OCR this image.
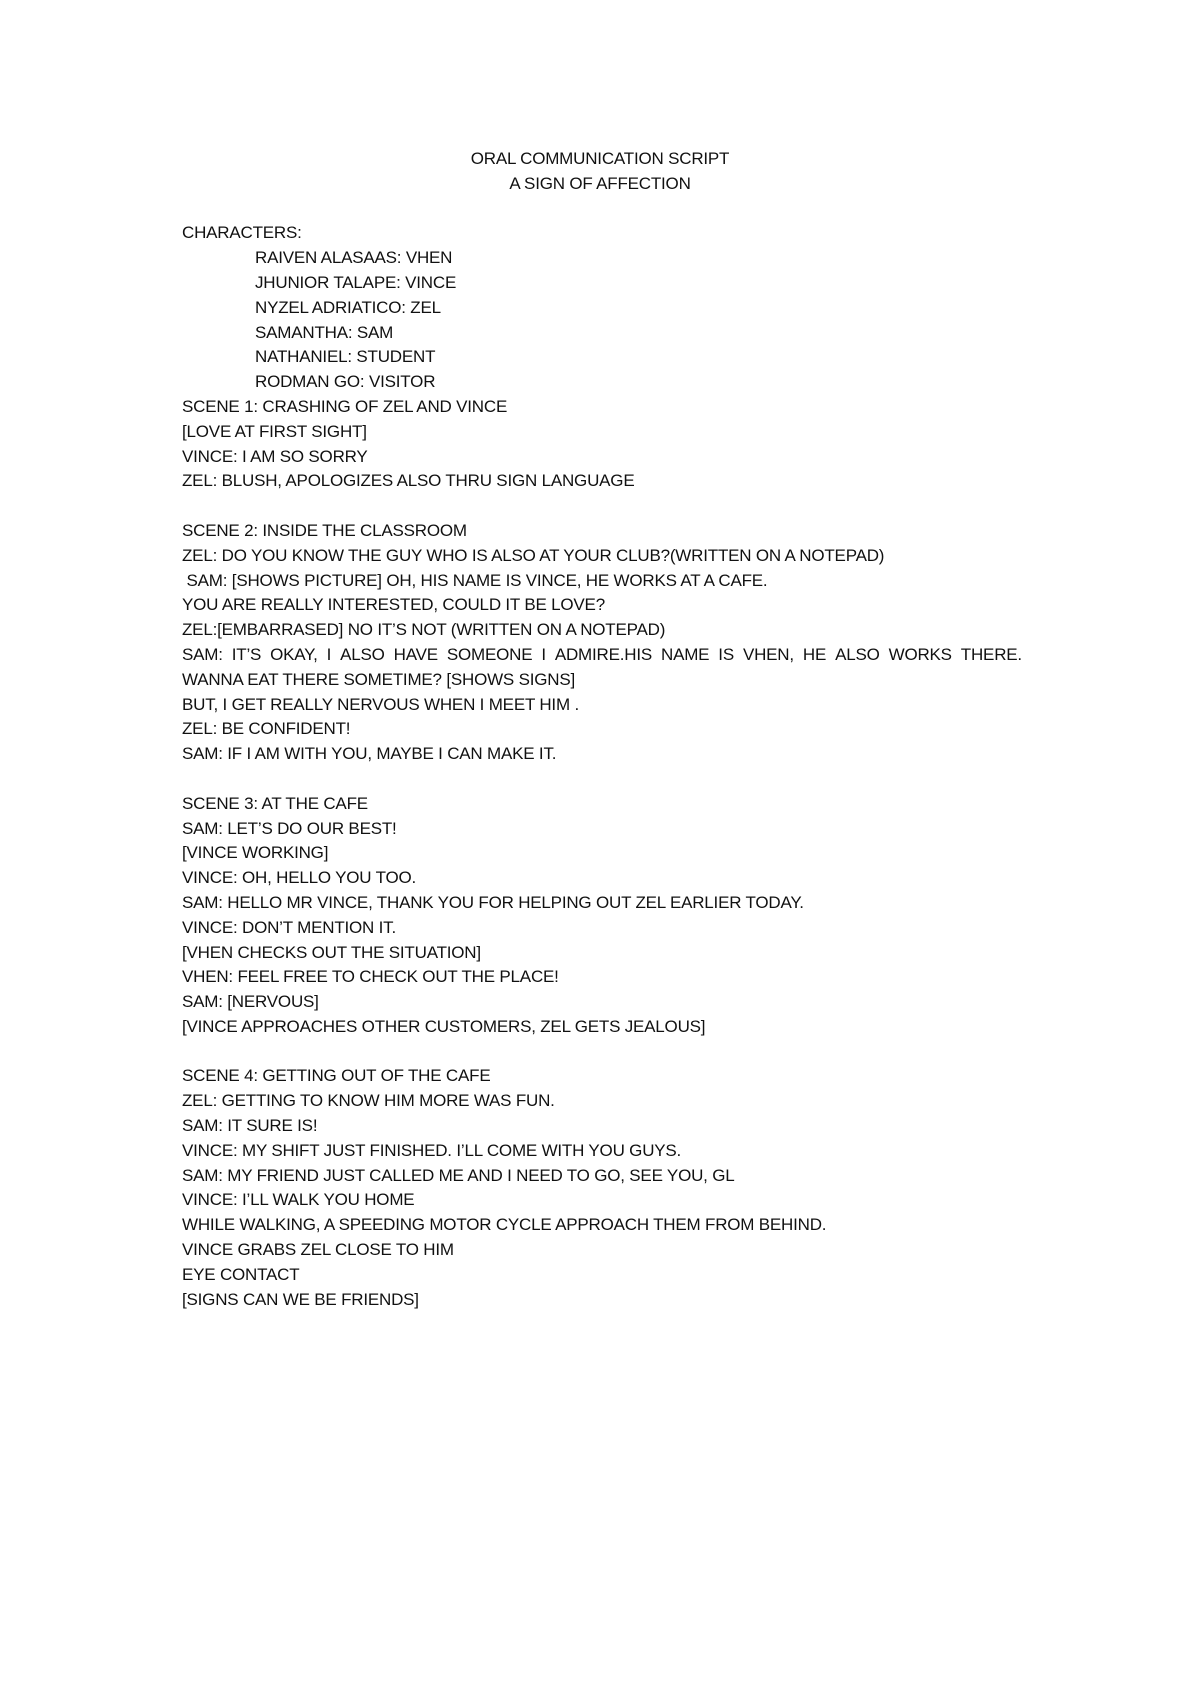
ORAL COMMUNICATION SCRIPT
A SIGN OF AFFECTION
CHARACTERS:
RAIVEN ALASAAS: VHEN
JHUNIOR TALAPE: VINCE
NYZEL ADRIATICO: ZEL
SAMANTHA: SAM
NATHANIEL: STUDENT
RODMAN GO: VISITOR
SCENE 1: CRASHING OF ZEL AND VINCE
[LOVE AT FIRST SIGHT]
VINCE: I AM SO SORRY
ZEL: BLUSH, APOLOGIZES ALSO THRU SIGN LANGUAGE
SCENE 2: INSIDE THE CLASSROOM
ZEL: DO YOU KNOW THE GUY WHO IS ALSO AT YOUR CLUB?(WRITTEN ON A NOTEPAD)
SAM: [SHOWS PICTURE] OH, HIS NAME IS VINCE, HE WORKS AT A CAFE.
YOU ARE REALLY INTERESTED, COULD IT BE LOVE?
ZEL:[EMBARRASED] NO IT’S NOT (WRITTEN ON A NOTEPAD)
SAM: IT’S OKAY, I ALSO HAVE SOMEONE I ADMIRE.HIS NAME IS VHEN, HE ALSO WORKS THERE.
WANNA EAT THERE SOMETIME? [SHOWS SIGNS]
BUT, I GET REALLY NERVOUS WHEN I MEET HIM .
ZEL: BE CONFIDENT!
SAM: IF I AM WITH YOU, MAYBE I CAN MAKE IT.
SCENE 3: AT THE CAFE
SAM: LET’S DO OUR BEST!
[VINCE WORKING]
VINCE: OH, HELLO YOU TOO.
SAM: HELLO MR VINCE, THANK YOU FOR HELPING OUT ZEL EARLIER TODAY.
VINCE: DON’T MENTION IT.
[VHEN CHECKS OUT THE SITUATION]
VHEN: FEEL FREE TO CHECK OUT THE PLACE!
SAM: [NERVOUS]
[VINCE APPROACHES OTHER CUSTOMERS, ZEL GETS JEALOUS]
SCENE 4: GETTING OUT OF THE CAFE
ZEL: GETTING TO KNOW HIM MORE WAS FUN.
SAM: IT SURE IS!
VINCE: MY SHIFT JUST FINISHED. I’LL COME WITH YOU GUYS.
SAM: MY FRIEND JUST CALLED ME AND I NEED TO GO, SEE YOU, GL
VINCE: I’LL WALK YOU HOME
WHILE WALKING, A SPEEDING MOTOR CYCLE APPROACH THEM FROM BEHIND.
VINCE GRABS ZEL CLOSE TO HIM
EYE CONTACT
[SIGNS CAN WE BE FRIENDS]
